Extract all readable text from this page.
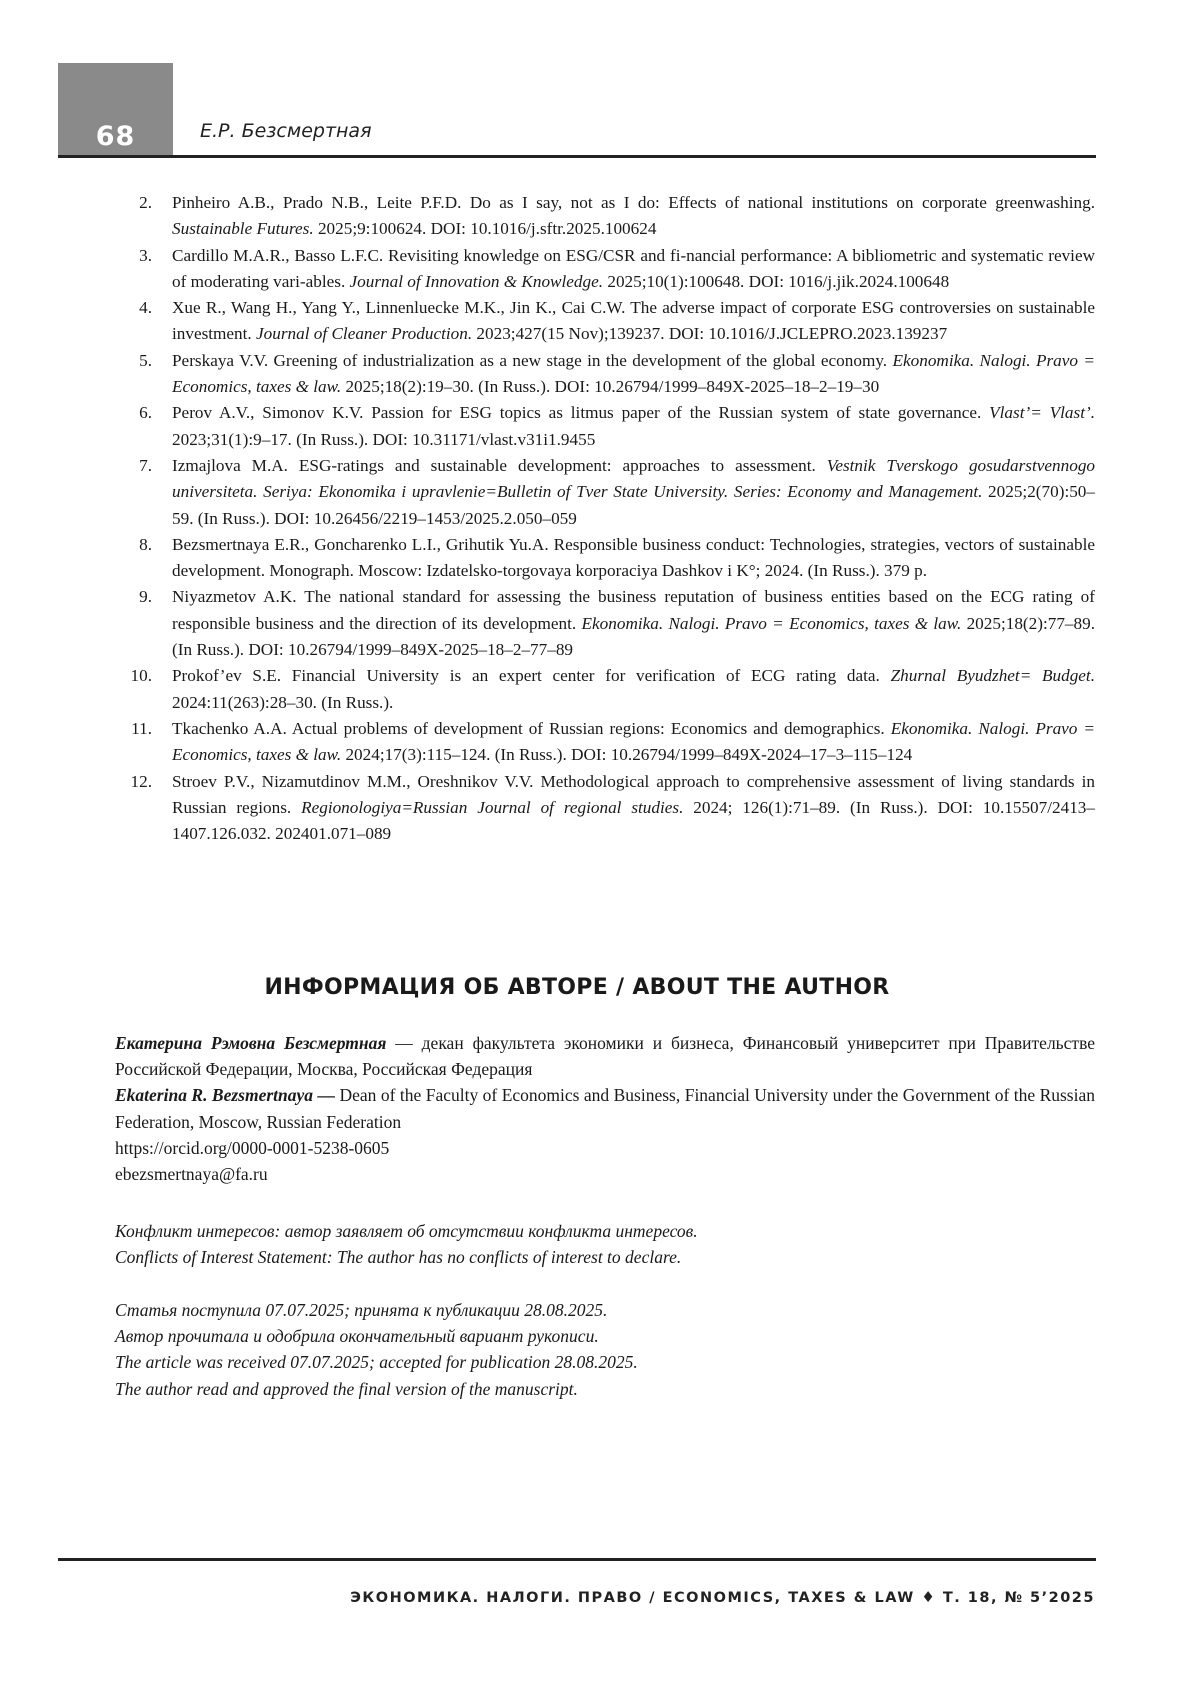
68	Е.Р. Безсмертная
2. Pinheiro A.B., Prado N.B., Leite P.F.D. Do as I say, not as I do: Effects of national institutions on corporate greenwashing. Sustainable Futures. 2025;9:100624. DOI: 10.1016/j.sftr.2025.100624
3. Cardillo M.A.R., Basso L.F.C. Revisiting knowledge on ESG/CSR and fi-nancial performance: A bibliometric and systematic review of moderating vari-ables. Journal of Innovation & Knowledge. 2025;10(1):100648. DOI: 1016/j.jik.2024.100648
4. Xue R., Wang H., Yang Y., Linnenluecke M.K., Jin K., Cai C.W. The adverse impact of corporate ESG controversies on sustainable investment. Journal of Cleaner Production. 2023;427(15 Nov);139237. DOI: 10.1016/J.JCLEPRO.2023.139237
5. Perskaya V.V. Greening of industrialization as a new stage in the development of the global economy. Ekonomika. Nalogi. Pravo = Economics, taxes & law. 2025;18(2):19–30. (In Russ.). DOI: 10.26794/1999–849X-2025–18–2–19–30
6. Perov A.V., Simonov K.V. Passion for ESG topics as litmus paper of the Russian system of state governance. Vlast’= Vlast’. 2023;31(1):9–17. (In Russ.). DOI: 10.31171/vlast.v31i1.9455
7. Izmajlova M.A. ESG-ratings and sustainable development: approaches to assessment. Vestnik Tverskogo gosudarstvennogo universiteta. Seriya: Ekonomika i upravlenie=Bulletin of Tver State University. Series: Economy and Management. 2025;2(70):50–59. (In Russ.). DOI: 10.26456/2219–1453/2025.2.050–059
8. Bezsmertnaya E.R., Goncharenko L.I., Grihutik Yu.A. Responsible business conduct: Technologies, strategies, vectors of sustainable development. Monograph. Moscow: Izdatelsko-torgovaya korporaciya Dashkov i K°; 2024. (In Russ.). 379 p.
9. Niyazmetov A.K. The national standard for assessing the business reputation of business entities based on the ECG rating of responsible business and the direction of its development. Ekonomika. Nalogi. Pravo = Economics, taxes & law. 2025;18(2):77–89. (In Russ.). DOI: 10.26794/1999–849X-2025–18–2–77–89
10. Prokof’ev S.E. Financial University is an expert center for verification of ECG rating data. Zhurnal Byudzhet= Budget. 2024:11(263):28–30. (In Russ.).
11. Tkachenko A.A. Actual problems of development of Russian regions: Economics and demographics. Ekonomika. Nalogi. Pravo = Economics, taxes & law. 2024;17(3):115–124. (In Russ.). DOI: 10.26794/1999–849X-2024–17–3–115–124
12. Stroev P.V., Nizamutdinov M.M., Oreshnikov V.V. Methodological approach to comprehensive assessment of living standards in Russian regions. Regionologiya=Russian Journal of regional studies. 2024; 126(1):71–89. (In Russ.). DOI: 10.15507/2413–1407.126.032. 202401.071–089
ИНФОРМАЦИЯ ОБ АВТОРЕ / ABOUT THE AUTHOR

Екатерина Рэмовна Безсмертная — декан факультета экономики и бизнеса, Финансовый университет при Правительстве Российской Федерации, Москва, Российская Федерация

Ekaterina R. Bezsmertnaya — Dean of the Faculty of Economics and Business, Financial University under the Government of the Russian Federation, Moscow, Russian Federation

https://orcid.org/0000-0001-5238-0605

ebezsmertnaya@fa.ru

Конфликт интересов: автор заявляет об отсутствии конфликта интересов.

Conflicts of Interest Statement: The author has no conflicts of interest to declare.

Статья поступила 07.07.2025; принята к публикации 28.08.2025.

Автор прочитала и одобрила окончательный вариант рукописи.

The article was received 07.07.2025; accepted for publication 28.08.2025.

The author read and approved the final version of the manuscript.

ЭКОНОМИКА. НАЛОГИ. ПРАВО / ECONOMICS, TAXES & LAW ♦ Т. 18, № 5’2025
